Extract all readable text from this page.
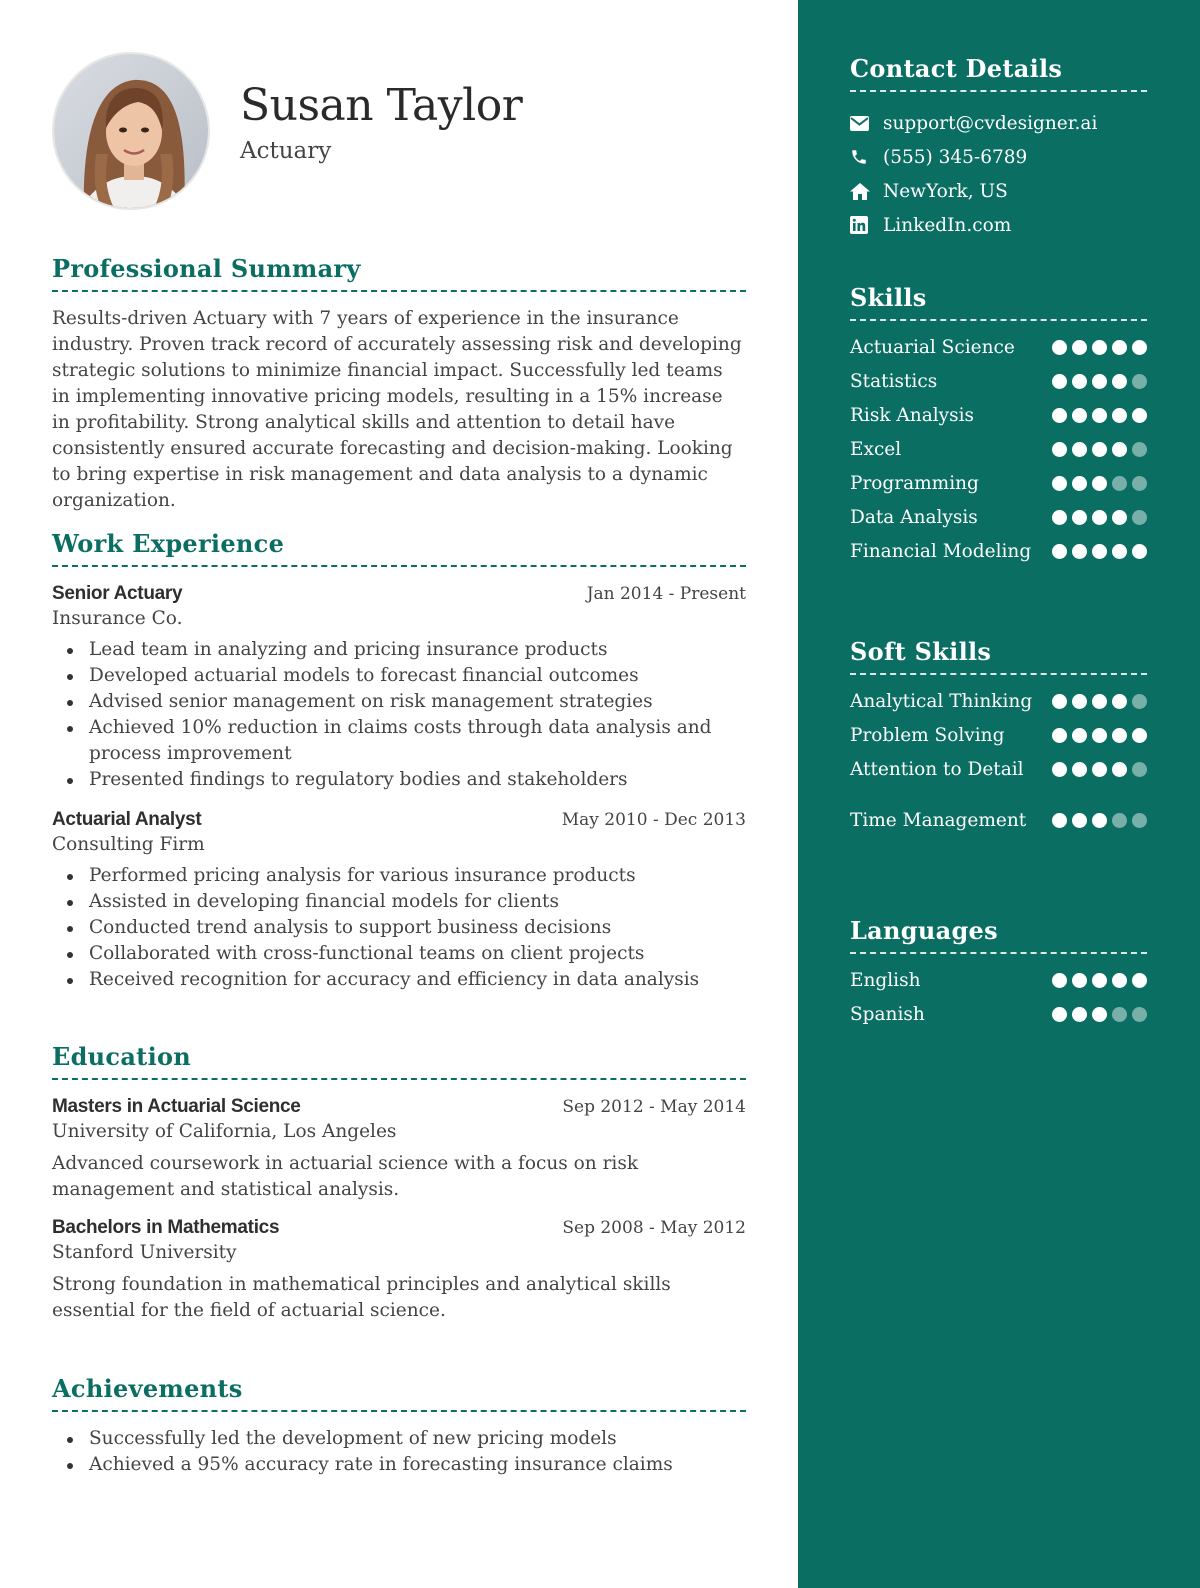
Susan Taylor
Actuary
Professional Summary

Results-driven Actuary with 7 years of experience in the insurance industry. Proven track record of accurately assessing risk and developing strategic solutions to minimize financial impact. Successfully led teams in implementing innovative pricing models, resulting in a 15% increase in profitability. Strong analytical skills and attention to detail have consistently ensured accurate forecasting and decision-making. Looking to bring expertise in risk management and data analysis to a dynamic organization.

Work Experience
Senior Actuary	Jan 2014 - Present
Insurance Co.
Lead team in analyzing and pricing insurance products
Developed actuarial models to forecast financial outcomes
Advised senior management on risk management strategies
Achieved 10% reduction in claims costs through data analysis and process improvement
Presented findings to regulatory bodies and stakeholders
Actuarial Analyst	May 2010 - Dec 2013
Consulting Firm
Performed pricing analysis for various insurance products
Assisted in developing financial models for clients
Conducted trend analysis to support business decisions
Collaborated with cross-functional teams on client projects
Received recognition for accuracy and efficiency in data analysis
Education
Masters in Actuarial Science	Sep 2012 - May 2014
University of California, Los Angeles

Advanced coursework in actuarial science with a focus on risk management and statistical analysis.

Bachelors in Mathematics	Sep 2008 - May 2012
Stanford University

Strong foundation in mathematical principles and analytical skills essential for the field of actuarial science.

Achievements
Successfully led the development of new pricing models
Achieved a 95% accuracy rate in forecasting insurance claims
Contact Details
support@cvdesigner.ai
(555) 345-6789
NewYork, US
LinkedIn.com
Skills
Actuarial Science
Statistics
Risk Analysis
Excel
Programming
Data Analysis
Financial Modeling
Soft Skills
Analytical Thinking
Problem Solving
Attention to Detail
Time Management
Languages
English
Spanish
